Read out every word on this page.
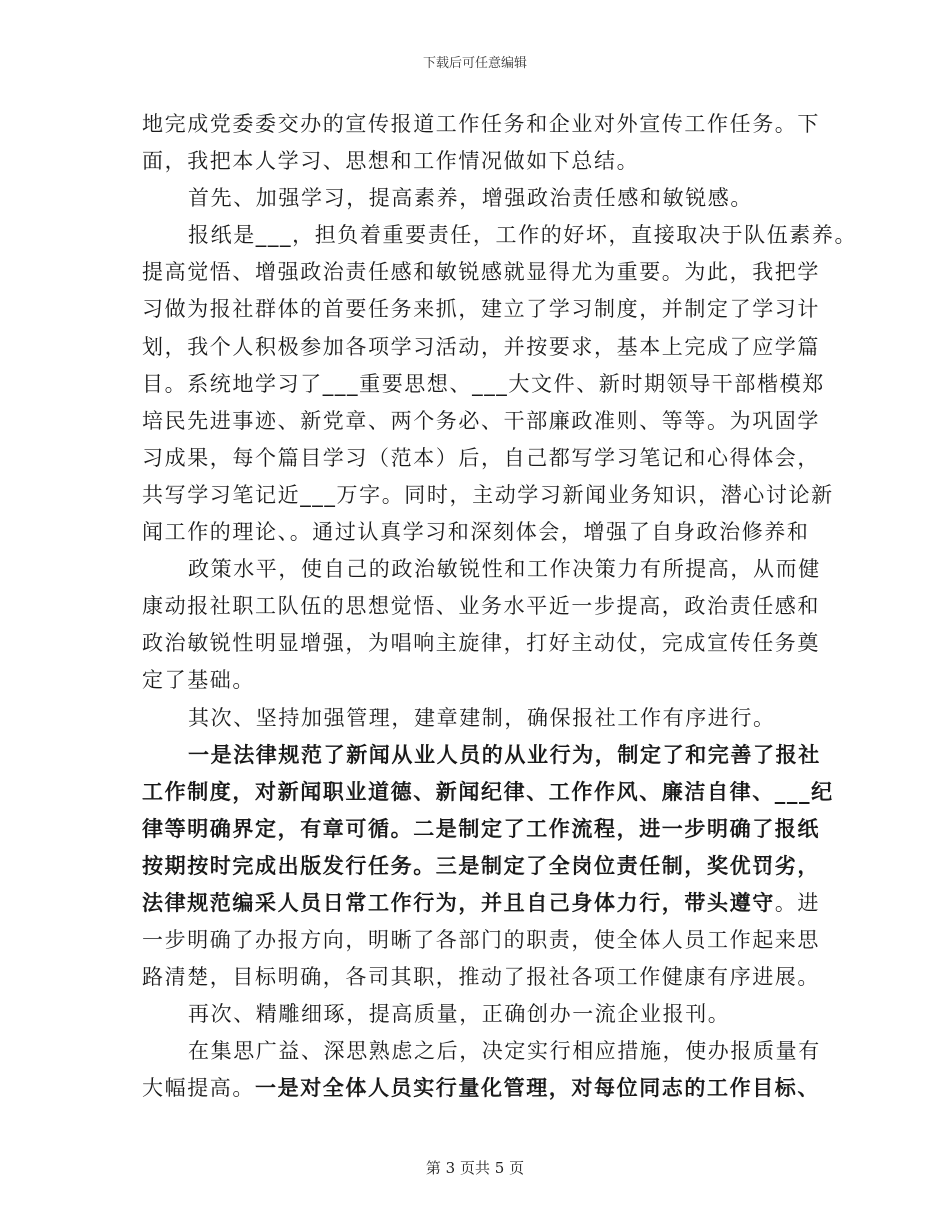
下载后可任意编辑
地完成党委委交办的宣传报道工作任务和企业对外宣传工作任务。下
面，我把本人学习、思想和工作情况做如下总结。
首先、加强学习，提高素养，增强政治责任感和敏锐感。
报纸是___，担负着重要责任，工作的好坏，直接取决于队伍素养。
提高觉悟、增强政治责任感和敏锐感就显得尤为重要。为此，我把学
习做为报社群体的首要任务来抓，建立了学习制度，并制定了学习计
划，我个人积极参加各项学习活动，并按要求，基本上完成了应学篇
目。系统地学习了___重要思想、___大文件、新时期领导干部楷模郑
培民先进事迹、新党章、两个务必、干部廉政准则、等等。为巩固学
习成果，每个篇目学习（范本）后，自己都写学习笔记和心得体会，
共写学习笔记近___万字。同时，主动学习新闻业务知识，潜心讨论新
闻工作的理论、。通过认真学习和深刻体会，增强了自身政治修养和
政策水平，使自己的政治敏锐性和工作决策力有所提高，从而健
康动报社职工队伍的思想觉悟、业务水平近一步提高，政治责任感和
政治敏锐性明显增强，为唱响主旋律，打好主动仗，完成宣传任务奠
定了基础。
其次、坚持加强管理，建章建制，确保报社工作有序进行。
一是法律规范了新闻从业人员的从业行为，制定了和完善了报社
工作制度，对新闻职业道德、新闻纪律、工作作风、廉洁自律、___纪
律等明确界定，有章可循。二是制定了工作流程，进一步明确了报纸
按期按时完成出版发行任务。三是制定了全岗位责任制，奖优罚劣，
法律规范编采人员日常工作行为，并且自己身体力行，带头遵守。进
一步明确了办报方向，明晰了各部门的职责，使全体人员工作起来思
路清楚，目标明确，各司其职，推动了报社各项工作健康有序进展。
再次、精雕细琢，提高质量，正确创办一流企业报刊。
在集思广益、深思熟虑之后，决定实行相应措施，使办报质量有
大幅提高。一是对全体人员实行量化管理，对每位同志的工作目标、
第 3 页共 5 页
